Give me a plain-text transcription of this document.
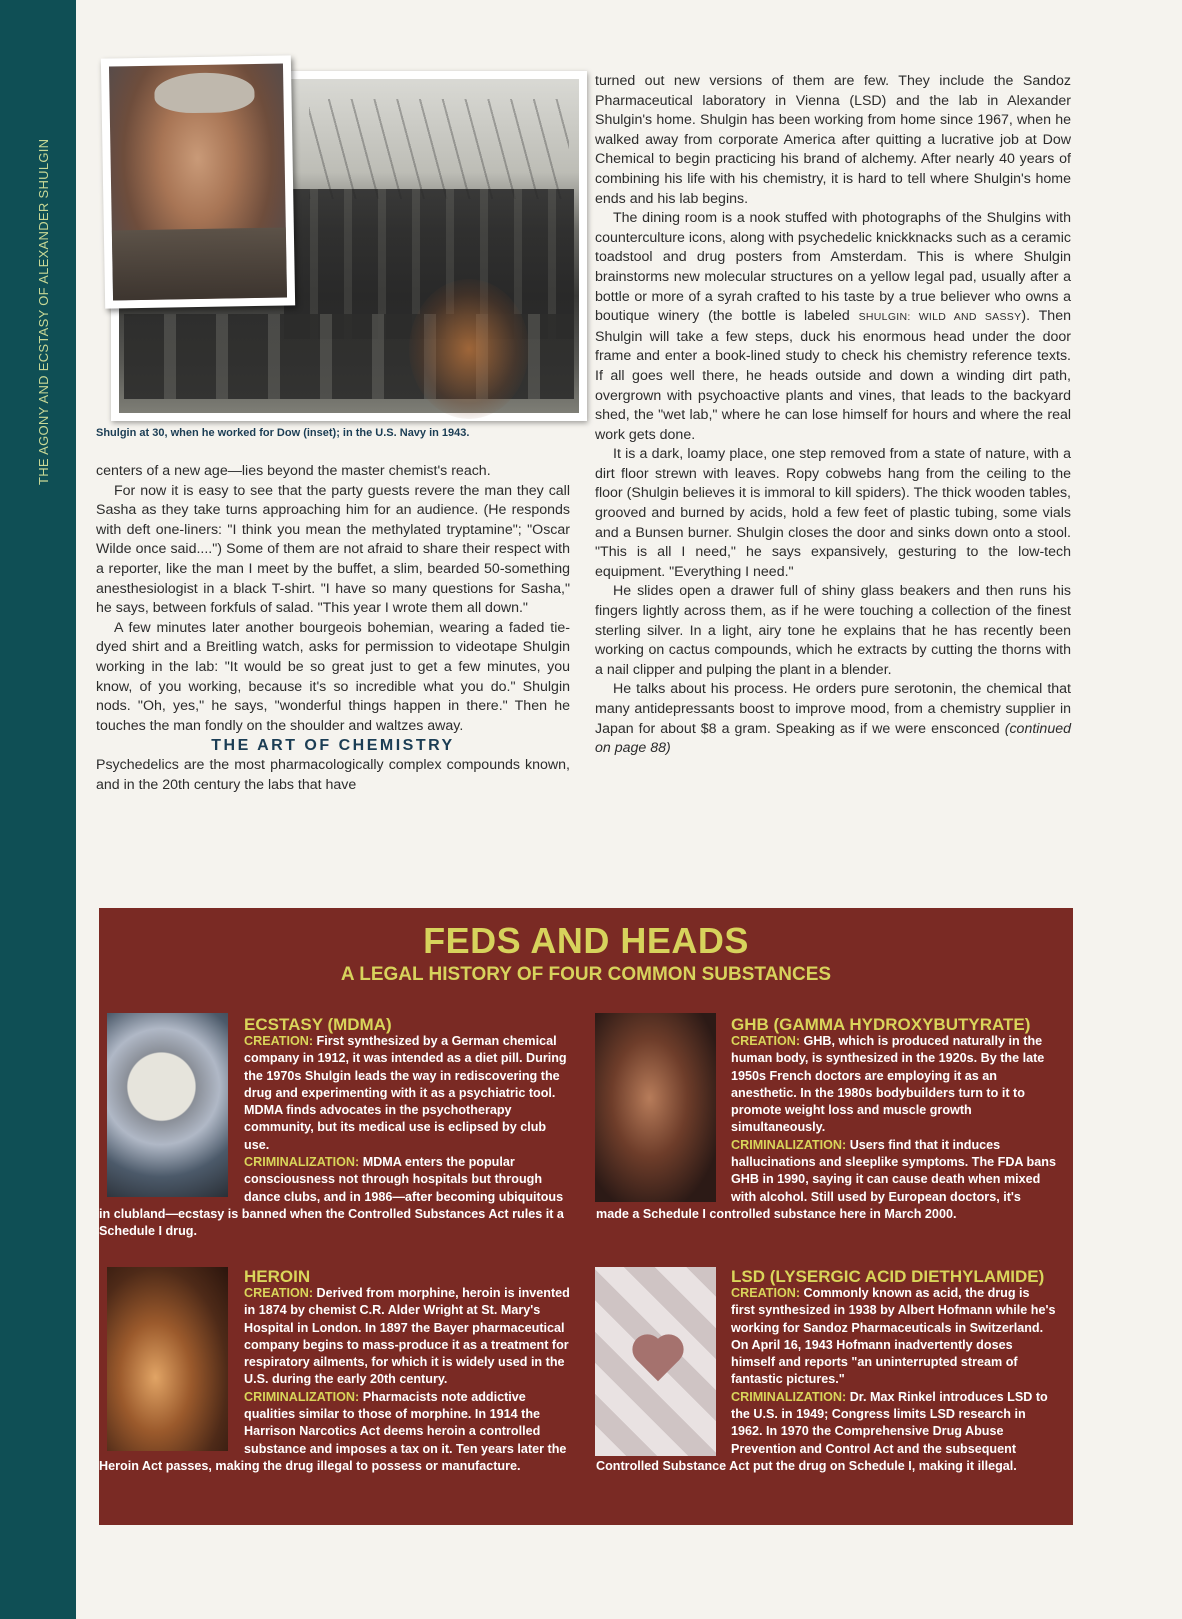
THE AGONY AND ECSTASY OF ALEXANDER SHULGIN	Shulgin at 30, when he worked for Dow (inset); in the U.S. Navy in 1943.

centers of a new age—lies beyond the master chemist's reach.

For now it is easy to see that the party guests revere the man they call Sasha as they take turns approaching him for an audience. (He responds with deft one-liners: "I think you mean the methylated tryptamine"; "Oscar Wilde once said....") Some of them are not afraid to share their respect with a reporter, like the man I meet by the buffet, a slim, bearded 50-something anesthesiologist in a black T-shirt. "I have so many questions for Sasha," he says, between forkfuls of salad. "This year I wrote them all down."

A few minutes later another bourgeois bohemian, wearing a faded tie-dyed shirt and a Breitling watch, asks for permission to videotape Shulgin working in the lab: "It would be so great just to get a few minutes, you know, of you working, because it's so incredible what you do." Shulgin nods. "Oh, yes," he says, "wonderful things happen in there." Then he touches the man fondly on the shoulder and waltzes away.

THE ART OF CHEMISTRY

Psychedelics are the most pharmacologically complex compounds known, and in the 20th century the labs that have

turned out new versions of them are few. They include the Sandoz Pharmaceutical laboratory in Vienna (LSD) and the lab in Alexander Shulgin's home. Shulgin has been working from home since 1967, when he walked away from corporate America after quitting a lucrative job at Dow Chemical to begin practicing his brand of alchemy. After nearly 40 years of combining his life with his chemistry, it is hard to tell where Shulgin's home ends and his lab begins.

The dining room is a nook stuffed with photographs of the Shulgins with counterculture icons, along with psychedelic knickknacks such as a ceramic toadstool and drug posters from Amsterdam. This is where Shulgin brainstorms new molecular structures on a yellow legal pad, usually after a bottle or more of a syrah crafted to his taste by a true believer who owns a boutique winery (the bottle is labeled SHULGIN: WILD AND SASSY). Then Shulgin will take a few steps, duck his enormous head under the door frame and enter a book-lined study to check his chemistry reference texts. If all goes well there, he heads outside and down a winding dirt path, overgrown with psychoactive plants and vines, that leads to the backyard shed, the "wet lab," where he can lose himself for hours and where the real work gets done.

It is a dark, loamy place, one step removed from a state of nature, with a dirt floor strewn with leaves. Ropy cobwebs hang from the ceiling to the floor (Shulgin believes it is immoral to kill spiders). The thick wooden tables, grooved and burned by acids, hold a few feet of plastic tubing, some vials and a Bunsen burner. Shulgin closes the door and sinks down onto a stool. "This is all I need," he says expansively, gesturing to the low-tech equipment. "Everything I need."

He slides open a drawer full of shiny glass beakers and then runs his fingers lightly across them, as if he were touching a collection of the finest sterling silver. In a light, airy tone he explains that he has recently been working on cactus compounds, which he extracts by cutting the thorns with a nail clipper and pulping the plant in a blender.

He talks about his process. He orders pure serotonin, the chemical that many antidepressants boost to improve mood, from a chemistry supplier in Japan for about $8 a gram. Speaking as if we were ensconced (continued on page 88)

FEDS AND HEADS
A LEGAL HISTORY OF FOUR COMMON SUBSTANCES
ECSTASY (MDMA)
CREATION: First synthesized by a German chemical company in 1912, it was intended as a diet pill. During the 1970s Shulgin leads the way in rediscovering the drug and experimenting with it as a psychiatric tool. MDMA finds advocates in the psychotherapy community, but its medical use is eclipsed by club use.
CRIMINALIZATION: MDMA enters the popular consciousness not through hospitals but through dance clubs, and in 1986—after becoming ubiquitous in clubland—ecstasy is banned when the Controlled Substances Act rules it a Schedule I drug.
GHB (GAMMA HYDROXYBUTYRATE)
CREATION: GHB, which is produced naturally in the human body, is synthesized in the 1920s. By the late 1950s French doctors are employing it as an anesthetic. In the 1980s bodybuilders turn to it to promote weight loss and muscle growth simultaneously.
CRIMINALIZATION: Users find that it induces hallucinations and sleeplike symptoms. The FDA bans GHB in 1990, saying it can cause death when mixed with alcohol. Still used by European doctors, it's made a Schedule I controlled substance here in March 2000.
HEROIN
CREATION: Derived from morphine, heroin is invented in 1874 by chemist C.R. Alder Wright at St. Mary's Hospital in London. In 1897 the Bayer pharmaceutical company begins to mass-produce it as a treatment for respiratory ailments, for which it is widely used in the U.S. during the early 20th century.
CRIMINALIZATION: Pharmacists note addictive qualities similar to those of morphine. In 1914 the Harrison Narcotics Act deems heroin a controlled substance and imposes a tax on it. Ten years later the Heroin Act passes, making the drug illegal to possess or manufacture.
LSD (LYSERGIC ACID DIETHYLAMIDE)
CREATION: Commonly known as acid, the drug is first synthesized in 1938 by Albert Hofmann while he's working for Sandoz Pharmaceuticals in Switzerland. On April 16, 1943 Hofmann inadvertently doses himself and reports "an uninterrupted stream of fantastic pictures."
CRIMINALIZATION: Dr. Max Rinkel introduces LSD to the U.S. in 1949; Congress limits LSD research in 1962. In 1970 the Comprehensive Drug Abuse Prevention and Control Act and the subsequent Controlled Substance Act put the drug on Schedule I, making it illegal.
